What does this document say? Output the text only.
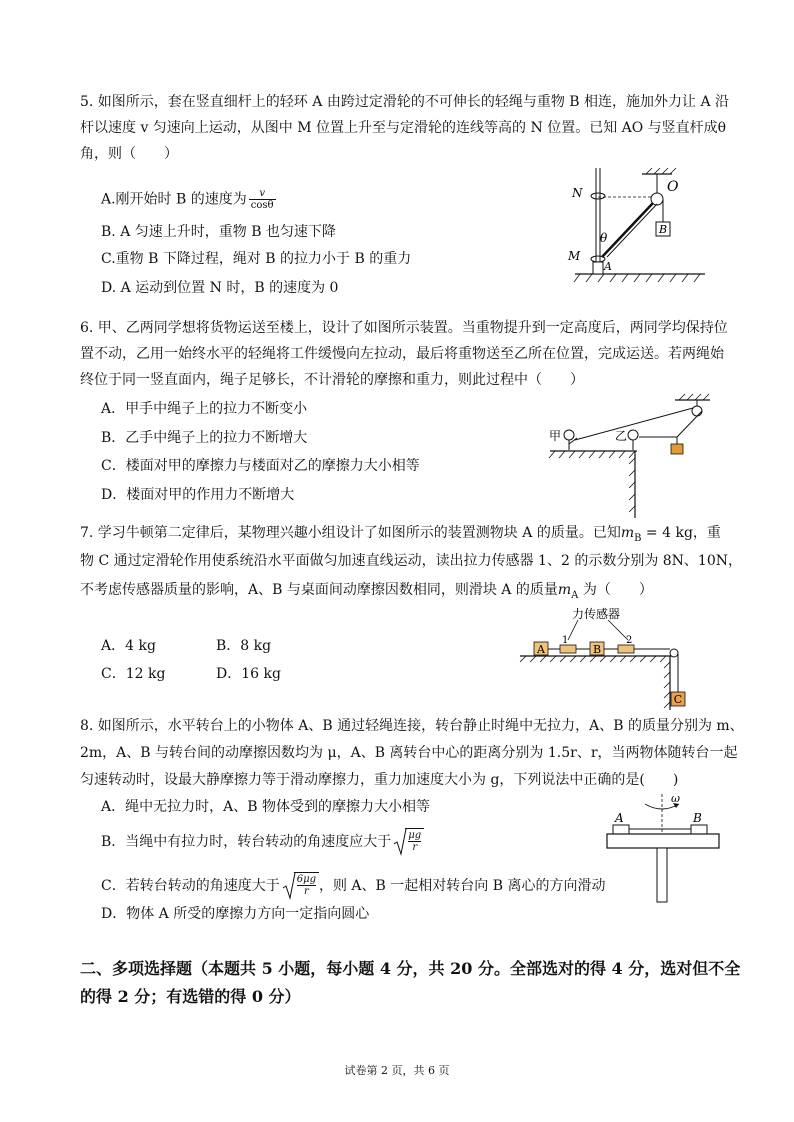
5. 如图所示，套在竖直细杆上的轻环 A 由跨过定滑轮的不可伸长的轻绳与重物 B 相连，施加外力让 A 沿
杆以速度 v 匀速向上运动，从图中 M 位置上升至与定滑轮的连线等高的 N 位置。已知 AO 与竖直杆成θ
角，则（　　）
A.刚开始时 B 的速度为 $\frac{v}{\cos\theta}$
B. A 匀速上升时，重物 B 也匀速下降
C.重物 B 下降过程，绳对 B 的拉力小于 B 的重力
D. A 运动到位置 N 时，B 的速度为 0
B
N	O
θ
M
A
6. 甲、乙两同学想将货物运送至楼上，设计了如图所示装置。当重物提升到一定高度后，两同学均保持位
置不动，乙用一始终水平的轻绳将工件缓慢向左拉动，最后将重物送至乙所在位置，完成运送。若两绳始
终位于同一竖直面内，绳子足够长，不计滑轮的摩擦和重力，则此过程中（　　）
A．甲手中绳子上的拉力不断变小
B．乙手中绳子上的拉力不断增大
C．楼面对甲的摩擦力与楼面对乙的摩擦力大小相等
D．楼面对甲的作用力不断增大
甲	乙
7. 学习牛顿第二定律后，某物理兴趣小组设计了如图所示的装置测物块 A 的质量。已知$m_B = 4$ kg，重
物 C 通过定滑轮作用使系统沿水平面做匀加速直线运动，读出拉力传感器 1、2 的示数分别为 8N、10N，
不考虑传感器质量的影响，A、B 与桌面间动摩擦因数相同，则滑块 A 的质量$m_A$ 为（　　）
A．4 kg	B．8 kg
C．12 kg	D．16 kg
力传感器
A
1
B
2
C
8. 如图所示，水平转台上的小物体 A、B 通过轻绳连接，转台静止时绳中无拉力，A、B 的质量分别为 m、
2m，A、B 与转台间的动摩擦因数均为 μ，A、B 离转台中心的距离分别为 1.5r、r，当两物体随转台一起
匀速转动时，设最大静摩擦力等于滑动摩擦力，重力加速度大小为 g，下列说法中正确的是(　　)
A．绳中无拉力时，A、B 物体受到的摩擦力大小相等
B．当绳中有拉力时，转台转动的角速度应大于 $\frac{\mu g}{r}$
C．若转台转动的角速度大于 $\frac{6\mu g}{r}$ ，则 A、B 一起相对转台向 B 离心的方向滑动
D．物体 A 所受的摩擦力方向一定指向圆心
ω
A	B
二、多项选择题（本题共 5 小题，每小题 4 分，共 20 分。全部选对的得 4 分，选对但不全
的得 2 分；有选错的得 0 分）
试卷第 2 页，共 6 页
